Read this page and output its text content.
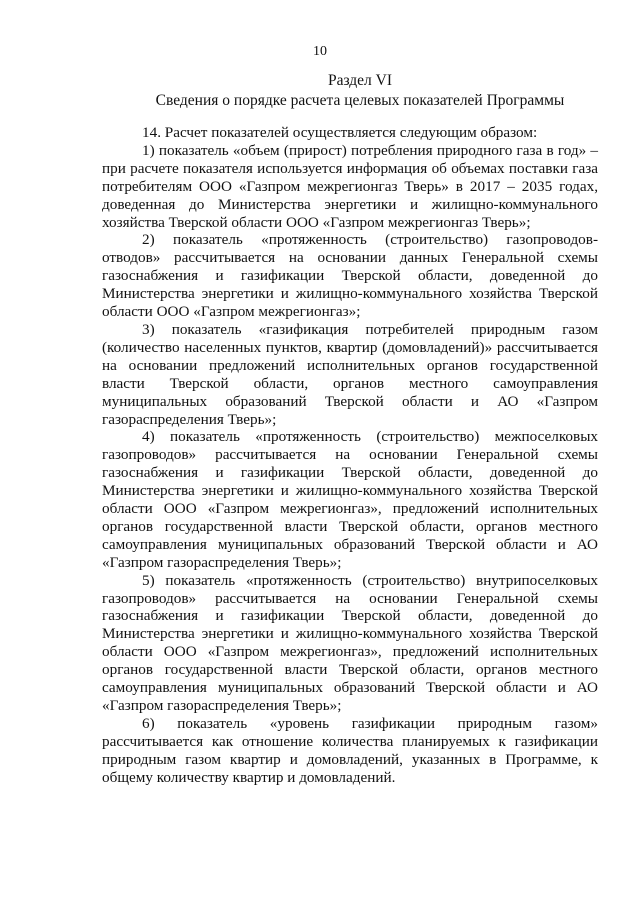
10
Раздел VI
Сведения о порядке расчета целевых показателей Программы

14. Расчет показателей осуществляется следующим образом:

1) показатель «объем (прирост) потребления природного газа в год» – при расчете показателя используется информация об объемах поставки газа потребителям ООО «Газпром межрегионгаз Тверь» в 2017 – 2035 годах, доведенная до Министерства энергетики и жилищно-коммунального хозяйства Тверской области ООО «Газпром межрегионгаз Тверь»;

2) показатель «протяженность (строительство) газопроводов-отводов» рассчитывается на основании данных Генеральной схемы газоснабжения и газификации Тверской области, доведенной до Министерства энергетики и жилищно-коммунального хозяйства Тверской области ООО «Газпром межрегионгаз»;

3) показатель «газификация потребителей природным газом (количество населенных пунктов, квартир (домовладений)» рассчитывается на основании предложений исполнительных органов государственной власти Тверской области, органов местного самоуправления муниципальных образований Тверской области и АО «Газпром газораспределения Тверь»;

4) показатель «протяженность (строительство) межпоселковых газопроводов» рассчитывается на основании Генеральной схемы газоснабжения и газификации Тверской области, доведенной до Министерства энергетики и жилищно-коммунального хозяйства Тверской области ООО «Газпром межрегионгаз», предложений исполнительных органов государственной власти Тверской области, органов местного самоуправления муниципальных образований Тверской области и АО «Газпром газораспределения Тверь»;

5) показатель «протяженность (строительство) внутрипоселковых газопроводов» рассчитывается на основании Генеральной схемы газоснабжения и газификации Тверской области, доведенной до Министерства энергетики и жилищно-коммунального хозяйства Тверской области ООО «Газпром межрегионгаз», предложений исполнительных органов государственной власти Тверской области, органов местного самоуправления муниципальных образований Тверской области и АО «Газпром газораспределения Тверь»;

6) показатель «уровень газификации природным газом» рассчитывается как отношение количества планируемых к газификации природным газом квартир и домовладений, указанных в Программе, к общему количеству квартир и домовладений.
